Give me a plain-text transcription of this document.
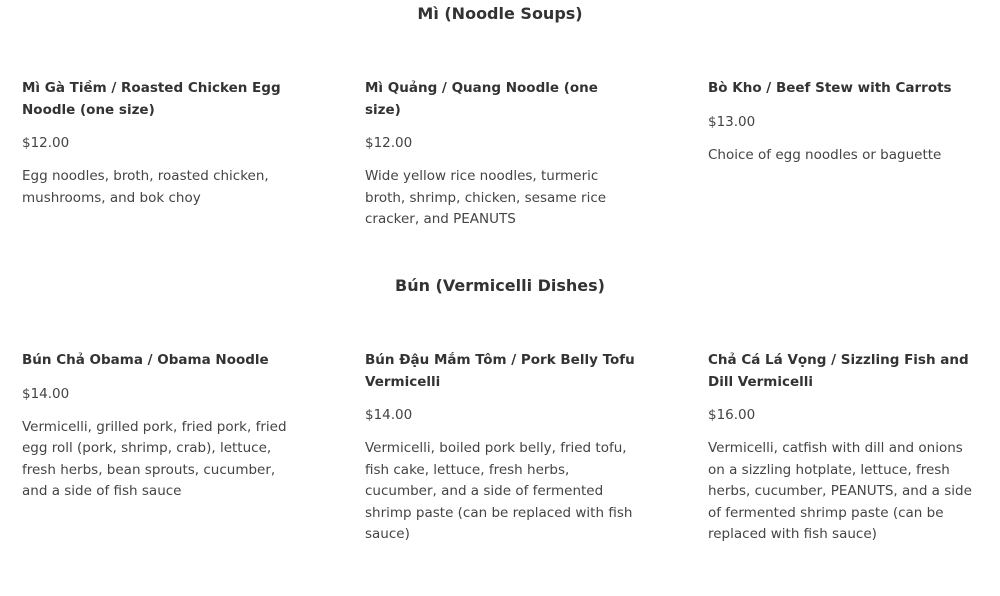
Mì (Noodle Soups)

Mì Gà Tiềm / Roasted Chicken Egg Noodle (one size)

$12.00

Egg noodles, broth, roasted chicken, mushrooms, and bok choy

Mì Quảng / Quang Noodle (one size)

$12.00

Wide yellow rice noodles, turmeric broth, shrimp, chicken, sesame rice cracker, and PEANUTS

Bò Kho / Beef Stew with Carrots

$13.00

Choice of egg noodles or baguette

Bún (Vermicelli Dishes)

Bún Chả Obama / Obama Noodle

$14.00

Vermicelli, grilled pork, fried pork, fried egg roll (pork, shrimp, crab), lettuce, fresh herbs, bean sprouts, cucumber, and a side of fish sauce

Bún Đậu Mắm Tôm / Pork Belly Tofu Vermicelli

$14.00

Vermicelli, boiled pork belly, fried tofu, fish cake, lettuce, fresh herbs, cucumber, and a side of fermented shrimp paste (can be replaced with fish sauce)

Chả Cá Lá Vọng / Sizzling Fish and Dill Vermicelli

$16.00

Vermicelli, catfish with dill and onions on a sizzling hotplate, lettuce, fresh herbs, cucumber, PEANUTS, and a side of fermented shrimp paste (can be replaced with fish sauce)
